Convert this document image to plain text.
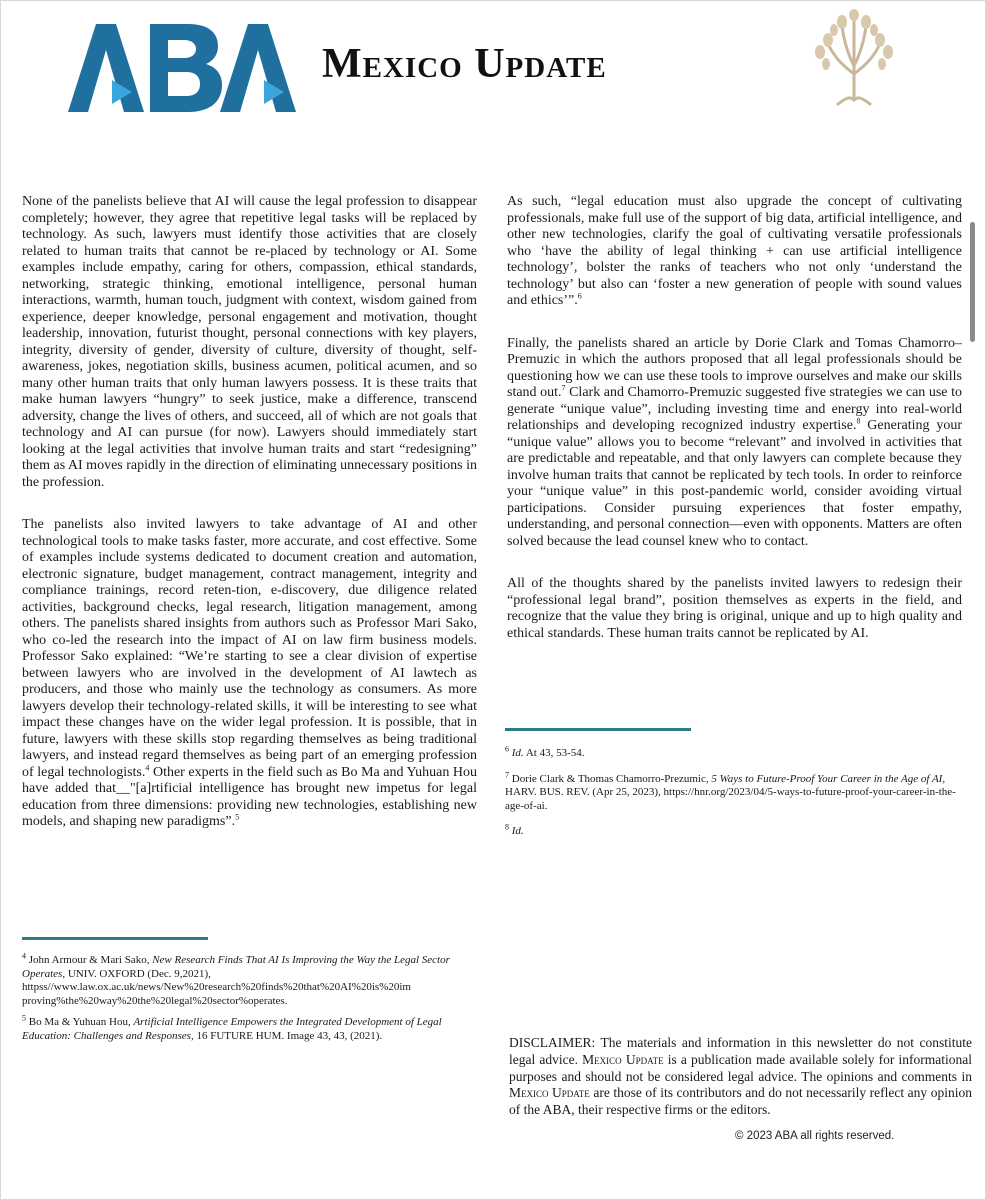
Mexico Update

None of the panelists believe that AI will cause the legal profession to disappear completely; however, they agree that repetitive legal tasks will be replaced by technology. As such, lawyers must identify those activities that are closely related to human traits that cannot be re-placed by technology or AI. Some examples include empathy, caring for others, compassion, ethical standards, networking, strategic thinking, emotional intelligence, personal human interactions, warmth, human touch, judgment with context, wisdom gained from experience, deeper knowledge, personal engagement and motivation, thought leadership, innovation, futurist thought, personal connections with key players, integrity, diversity of gender, diversity of culture, diversity of thought, self-awareness, jokes, negotiation skills, business acumen, political acumen, and so many other human traits that only human lawyers possess. It is these traits that make human lawyers “hungry” to seek justice, make a difference, transcend adversity, change the lives of others, and succeed, all of which are not goals that technology and AI can pursue (for now). Lawyers should immediately start looking at the legal activities that involve human traits and start “redesigning” them as AI moves rapidly in the direction of eliminating unnecessary positions in the profession.

The panelists also invited lawyers to take advantage of AI and other technological tools to make tasks faster, more accurate, and cost effective. Some of examples include systems dedicated to document creation and automation, electronic signature, budget management, contract management, integrity and compliance trainings, record reten-tion, e-discovery, due diligence related activities, background checks, legal research, litigation management, among others. The panelists shared insights from authors such as Professor Mari Sako, who co-led the research into the impact of AI on law firm business models. Professor Sako explained: “We’re starting to see a clear division of expertise between lawyers who are involved in the development of AI lawtech as producers, and those who mainly use the technology as consumers. As more lawyers develop their technology-related skills, it will be interesting to see what impact these changes have on the wider legal profession. It is possible, that in future, lawyers with these skills stop regarding themselves as being traditional lawyers, and instead regard themselves as being part of an emerging profession of legal technologists.$^4$ Other experts in the field such as Bo Ma and Yuhuan Hou have added that__"[a]rtificial intelligence has brought new impetus for legal education from three dimensions: providing new technologies, establishing new models, and shaping new paradigms”.$^5$

As such, “legal education must also upgrade the concept of cultivating professionals, make full use of the support of big data, artificial intelligence, and other new technologies, clarify the goal of cultivating versatile professionals who ‘have the ability of legal thinking + can use artificial intelligence technology’, bolster the ranks of teachers who not only ‘understand the technology’ but also can ‘foster a new generation of people with sound values and ethics’”.$^6$

Finally, the panelists shared an article by Dorie Clark and Tomas Chamorro– Premuzic in which the authors proposed that all legal professionals should be questioning how we can use these tools to improve ourselves and make our skills stand out.$^7$ Clark and Chamorro-Premuzic suggested five strategies we can use to generate “unique value”, including investing time and energy into real-world relationships and developing recognized industry expertise.$^8$ Generating your “unique value” allows you to become “relevant” and involved in activities that are predictable and repeatable, and that only lawyers can complete because they involve human traits that cannot be replicated by tech tools. In order to reinforce your “unique value” in this post-pandemic world, consider avoiding virtual participations. Consider pursuing experiences that foster empathy, understanding, and personal connection—even with opponents. Matters are often solved because the lead counsel knew who to contact.

All of the thoughts shared by the panelists invited lawyers to redesign their “professional legal brand”, position themselves as experts in the field, and recognize that the value they bring is original, unique and up to high quality and ethical standards. These human traits cannot be replicated by AI.

$^4$ John Armour & Mari Sako, New Research Finds That AI Is Improving the Way the Legal Sector Operates, UNIV. OXFORD (Dec. 9,2021), httpss//www.law.ox.ac.uk/news/New%20research%20finds%20that%20AI%20is%20im proving%the%20way%20the%20legal%20sector%operates.

$^5$ Bo Ma & Yuhuan Hou, Artificial Intelligence Empowers the Integrated Development of Legal Education: Challenges and Responses, 16 FUTURE HUM. Image 43, 43, (2021).

$^6$ Id. At 43, 53-54.

$^7$ Dorie Clark & Thomas Chamorro-Prezumic, 5 Ways to Future-Proof Your Career in the Age of AI, HARV. BUS. REV. (Apr 25, 2023), https://hnr.org/2023/04/5-ways-to-future-proof-your-career-in-the-age-of-ai.

$^8$ Id.

DISCLAIMER: The materials and information in this newsletter do not constitute legal advice. Mexico Update is a publication made available solely for informational purposes and should not be considered legal advice. The opinions and comments in Mexico Update are those of its contributors and do not necessarily reflect any opinion of the ABA, their respective firms or the editors.
© 2023 ABA all rights reserved.
